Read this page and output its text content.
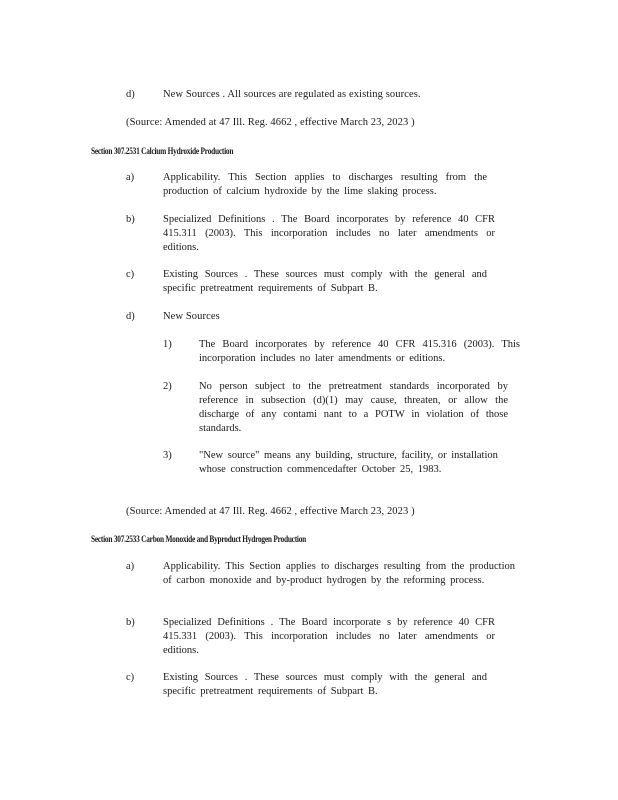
d)	New Sources . All sources are regulated as existing sources.
(Source: Amended at 47 Ill. Reg. 4662 , effective March 23, 2023 )
Section 307.2531 Calcium Hydroxide Production
a)	Applicability. This Section applies to discharges resulting from the production of calcium hydroxide by the lime slaking process.
b)	Specialized Definitions . The Board incorporates by reference 40 CFR 415.311 (2003). This incorporation includes no later amendments or editions.
c)	Existing Sources . These sources must comply with the general and specific pretreatment requirements of Subpart B.
d)	New Sources
1)	The Board incorporates by reference 40 CFR 415.316 (2003). This incorporation includes no later amendments or editions.
2)	No person subject to the pretreatment standards incorporated by reference in subsection (d)(1) may cause, threaten, or allow the discharge of any contami nant to a POTW in violation of those standards.
3)	"New source" means any building, structure, facility, or installation whose construction commencedafter October 25, 1983.
(Source: Amended at 47 Ill. Reg. 4662 , effective March 23, 2023 )
Section 307.2533 Carbon Monoxide and Byproduct Hydrogen Production
a)	Applicability. This Section applies to discharges resulting from the production of carbon monoxide and by-product hydrogen by the reforming process.
b)	Specialized Definitions . The Board incorporate s by reference 40 CFR 415.331 (2003). This incorporation includes no later amendments or editions.
c)	Existing Sources . These sources must comply with the general and specific pretreatment requirements of Subpart B.
